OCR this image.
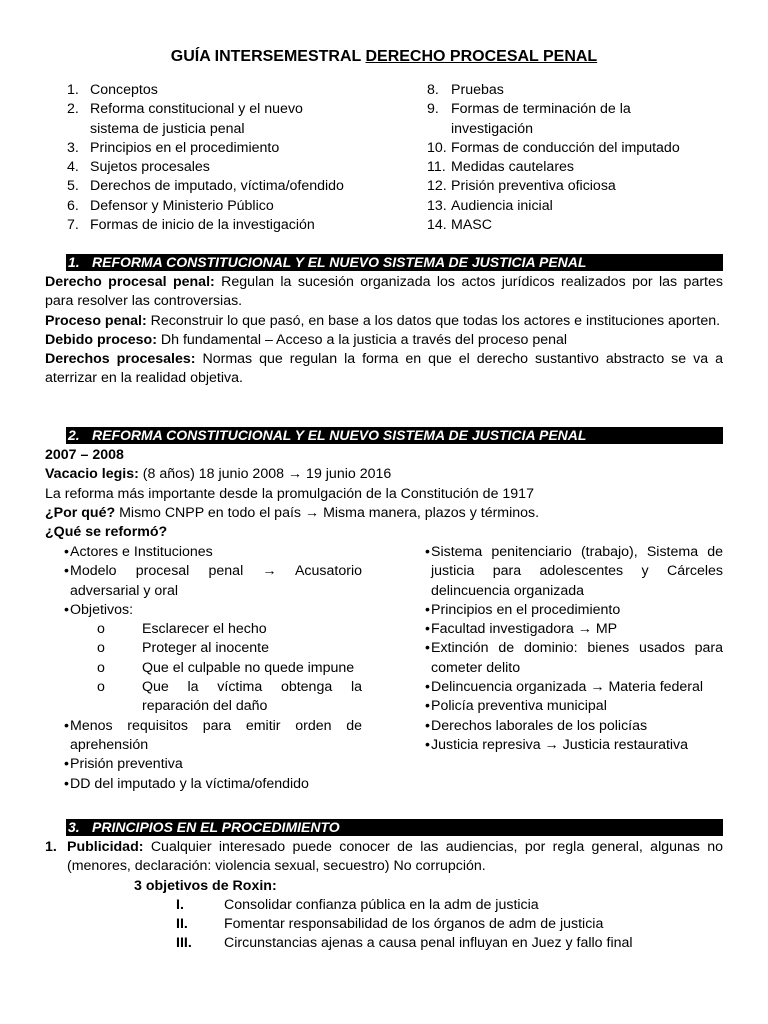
GUÍA INTERSEMESTRAL DERECHO PROCESAL PENAL
1. Conceptos
2. Reforma constitucional y el nuevo sistema de justicia penal
3. Principios en el procedimiento
4. Sujetos procesales
5. Derechos de imputado, víctima/ofendido
6. Defensor y Ministerio Público
7. Formas de inicio de la investigación
8. Pruebas
9. Formas de terminación de la investigación
10. Formas de conducción del imputado
11. Medidas cautelares
12. Prisión preventiva oficiosa
13. Audiencia inicial
14. MASC
1. REFORMA CONSTITUCIONAL Y EL NUEVO SISTEMA DE JUSTICIA PENAL
Derecho procesal penal: Regulan la sucesión organizada los actos jurídicos realizados por las partes para resolver las controversias.
Proceso penal: Reconstruir lo que pasó, en base a los datos que todas los actores e instituciones aporten.
Debido proceso: Dh fundamental – Acceso a la justicia a través del proceso penal
Derechos procesales: Normas que regulan la forma en que el derecho sustantivo abstracto se va a aterrizar en la realidad objetiva.
2. REFORMA CONSTITUCIONAL Y EL NUEVO SISTEMA DE JUSTICIA PENAL
2007 – 2008
Vacacio legis: (8 años) 18 junio 2008 → 19 junio 2016
La reforma más importante desde la promulgación de la Constitución de 1917
¿Por qué? Mismo CNPP en todo el país → Misma manera, plazos y términos.
¿Qué se reformó?
• Actores e Instituciones
• Modelo procesal penal → Acusatorio adversarial y oral
• Objetivos:
o	Esclarecer el hecho
o	Proteger al inocente
o	Que el culpable no quede impune
o	Que la víctima obtenga la reparación del daño
• Menos requisitos para emitir orden de aprehensión
• Prisión preventiva
• DD del imputado y la víctima/ofendido
• Sistema penitenciario (trabajo), Sistema de justicia para adolescentes y Cárceles delincuencia organizada
• Principios en el procedimiento
• Facultad investigadora → MP
• Extinción de dominio: bienes usados para cometer delito
• Delincuencia organizada → Materia federal
• Policía preventiva municipal
• Derechos laborales de los policías
• Justicia represiva → Justicia restaurativa
3. PRINCIPIOS EN EL PROCEDIMIENTO
1. Publicidad: Cualquier interesado puede conocer de las audiencias, por regla general, algunas no (menores, declaración: violencia sexual, secuestro) No corrupción.
3 objetivos de Roxin:
I.	Consolidar confianza pública en la adm de justicia
II.	Fomentar responsabilidad de los órganos de adm de justicia
III.	Circunstancias ajenas a causa penal influyan en Juez y fallo final
